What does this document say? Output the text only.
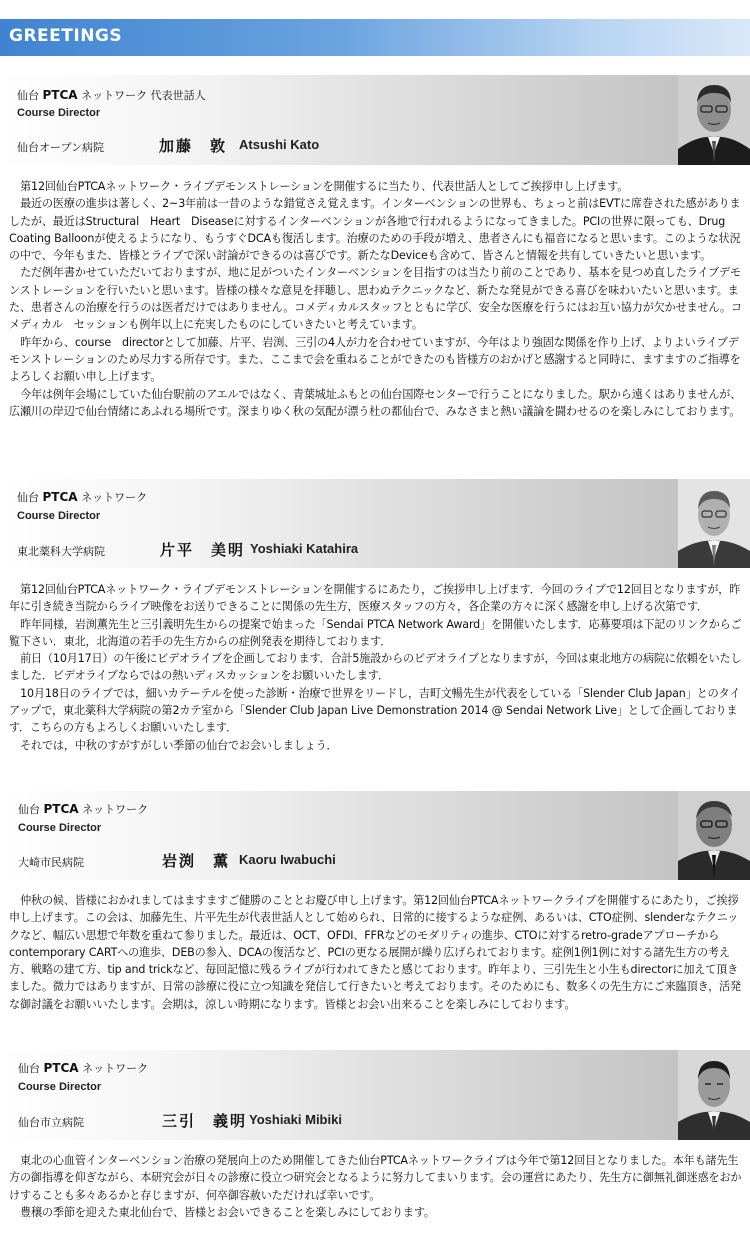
GREETINGS
仙台 PTCA ネットワーク 代表世話人
Course Director
仙台オープン病院	加藤　敦 Atsushi Kato

第12回仙台PTCAネットワーク・ライブデモンストレーションを開催するに当たり、代表世話人としてご挨拶申し上げます。

最近の医療の進歩は著しく、2~3年前は一昔のような錯覚さえ覚えます。インターベンションの世界も、ちょっと前はEVTに席巻された感がありましたが、最近はStructural　Heart　Diseaseに対するインターベンションが各地で行われるようになってきました。PCIの世界に限っても、Drug Coating Balloonが使えるようになり、もうすぐDCAも復活します。治療のための手段が増え、患者さんにも福音になると思います。このような状況の中で、今年もまた、皆様とライブで深い討論ができるのは喜びです。新たなDeviceも含めて、皆さんと情報を共有していきたいと思います。

ただ例年書かせていただいておりますが、地に足がついたインターベンションを目指すのは当たり前のことであり、基本を見つめ直したライブデモンストレーションを行いたいと思います。皆様の様々な意見を拝聴し、思わぬテクニックなど、新たな発見ができる喜びを味わいたいと思います。また、患者さんの治療を行うのは医者だけではありません。コメディカルスタッフとともに学び、安全な医療を行うにはお互い協力が欠かせません。コメディカル　セッションも例年以上に充実したものにしていきたいと考えています。

昨年から、course　directorとして加藤、片平、岩渕、三引の4人が力を合わせていますが、今年はより強固な関係を作り上げ、よりよいライブデモンストレーションのため尽力する所存です。また、ここまで会を重ねることができたのも皆様方のおかげと感謝すると同時に、ますますのご指導をよろしくお願い申し上げます。

今年は例年会場にしていた仙台駅前のアエルではなく、青葉城址ふもとの仙台国際センターで行うことになりました。駅から遠くはありませんが、広瀬川の岸辺で仙台情緒にあふれる場所です。深まりゆく秋の気配が漂う杜の都仙台で、みなさまと熱い議論を闘わせるのを楽しみにしております。

仙台 PTCA ネットワーク
Course Director
東北薬科大学病院	片平　美明 Yoshiaki Katahira

第12回仙台PTCAネットワーク・ライブデモンストレーションを開催するにあたり，ご挨拶申し上げます．今回のライブで12回目となりますが，昨年に引き続き当院からライブ映像をお送りできることに関係の先生方，医療スタッフの方々，各企業の方々に深く感謝を申し上げる次第です．

昨年同様，岩渕薫先生と三引義明先生からの提案で始まった「Sendai PTCA Network Award」を開催いたします．応募要項は下記のリンクからご覧下さい．東北，北海道の若手の先生方からの症例発表を期待しております．

前日（10月17日）の午後にビデオライブを企画しております．合計5施設からのビデオライブとなりますが，今回は東北地方の病院に依頼をいたしました．ビデオライブならではの熱いディスカッションをお願いいたします．

10月18日のライブでは，細いカテーテルを使った診断・治療で世界をリードし，吉町文暢先生が代表をしている「Slender Club Japan」とのタイアップで，東北薬科大学病院の第2カテ室から「Slender Club Japan Live Demonstration 2014 @ Sendai Network Live」として企画しております．こちらの方もよろしくお願いいたします．

それでは，中秋のすがすがしい季節の仙台でお会いしましょう．

仙台 PTCA ネットワーク
Course Director
大崎市民病院	岩渕　薫 Kaoru Iwabuchi

仲秋の候、皆様におかれましてはますますご健勝のこととお慶び申し上げます。第12回仙台PTCAネットワークライブを開催するにあたり，ご挨拶申し上げます。この会は、加藤先生、片平先生が代表世話人として始められ、日常的に接するような症例、あるいは、CTO症例、slenderなテクニックなど、幅広い思想で年数を重ねて参りました。最近は、OCT、OFDI、FFRなどのモダリティの進歩、CTOに対するretro-gradeアプローチからcontemporary CARTへの進歩、DEBの参入、DCAの復活など、PCIの更なる展開が繰り広げられております。症例1例1例に対する諸先生方の考え方、戦略の建て方、tip and trickなど、毎回記憶に残るライブが行われてきたと感じております。昨年より、三引先生と小生もdirectorに加えて頂きました。微力ではありますが、日常の診療に役に立つ知識を発信して行きたいと考えております。そのためにも、数多くの先生方にご来臨頂き，活発な御討議をお願いいたします。会期は，涼しい時期になります。皆様とお会い出来ることを楽しみにしております。

仙台 PTCA ネットワーク
Course Director
仙台市立病院	三引　義明 Yoshiaki Mibiki

東北の心血管インターベンション治療の発展向上のため開催してきた仙台PTCAネットワークライブは今年で第12回目となりました。本年も諸先生方の御指導を仰ぎながら、本研究会が日々の診療に役立つ研究会となるように努力してまいります。会の運営にあたり、先生方に御無礼御迷惑をおかけすることも多々あるかと存じますが、何卒御容赦いただければ幸いです。

豊穣の季節を迎えた東北仙台で、皆様とお会いできることを楽しみにしております。
